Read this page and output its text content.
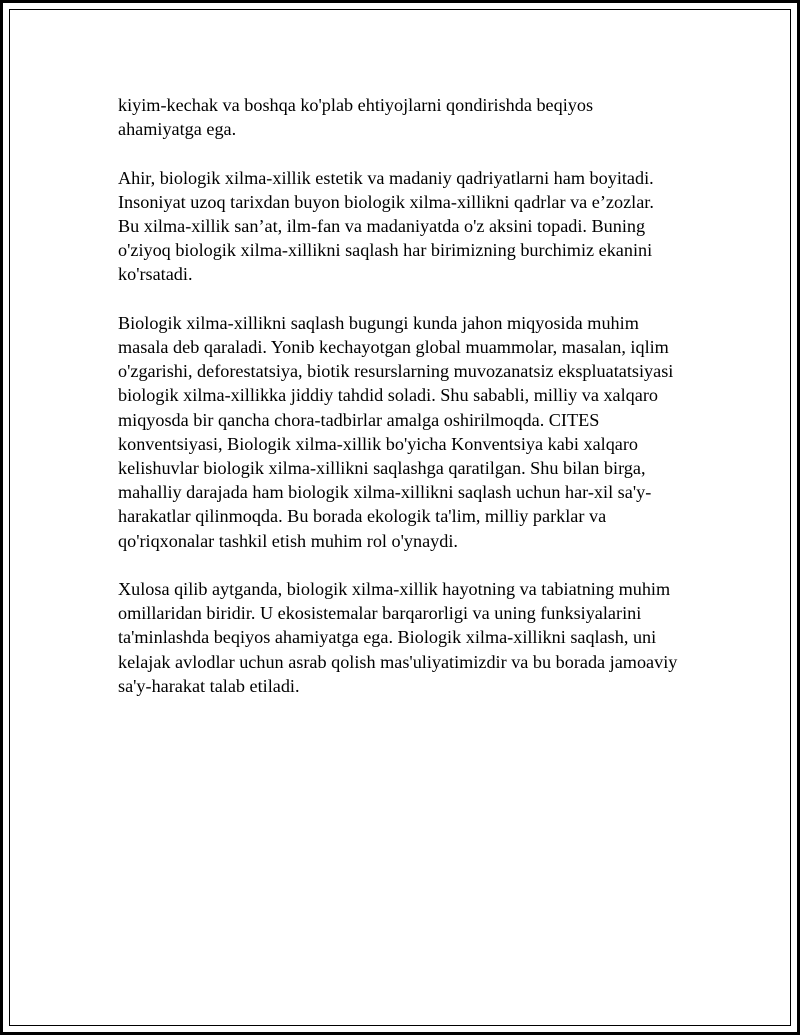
kiyim-kechak va boshqa ko'plab ehtiyojlarni qondirishda beqiyos
ahamiyatga ega.

Ahir, biologik xilma-xillik estetik va madaniy qadriyatlarni ham boyitadi.
Insoniyat uzoq tarixdan buyon biologik xilma-xillikni qadrlar va e’zozlar.
Bu xilma-xillik san’at, ilm-fan va madaniyatda o'z aksini topadi. Buning
o'ziyoq biologik xilma-xillikni saqlash har birimizning burchimiz ekanini
ko'rsatadi.

Biologik xilma-xillikni saqlash bugungi kunda jahon miqyosida muhim
masala deb qaraladi. Yonib kechayotgan global muammolar, masalan, iqlim
o'zgarishi, deforestatsiya, biotik resurslarning muvozanatsiz ekspluatatsiyasi
biologik xilma-xillikka jiddiy tahdid soladi. Shu sababli, milliy va xalqaro
miqyosda bir qancha chora-tadbirlar amalga oshirilmoqda. CITES
konventsiyasi, Biologik xilma-xillik bo'yicha Konventsiya kabi xalqaro
kelishuvlar biologik xilma-xillikni saqlashga qaratilgan. Shu bilan birga,
mahalliy darajada ham biologik xilma-xillikni saqlash uchun har-xil sa'y-
harakatlar qilinmoqda. Bu borada ekologik ta'lim, milliy parklar va
qo'riqxonalar tashkil etish muhim rol o'ynaydi.

Xulosa qilib aytganda, biologik xilma-xillik hayotning va tabiatning muhim
omillaridan biridir. U ekosistemalar barqarorligi va uning funksiyalarini
ta'minlashda beqiyos ahamiyatga ega. Biologik xilma-xillikni saqlash, uni
kelajak avlodlar uchun asrab qolish mas'uliyatimizdir va bu borada jamoaviy
sa'y-harakat talab etiladi.
